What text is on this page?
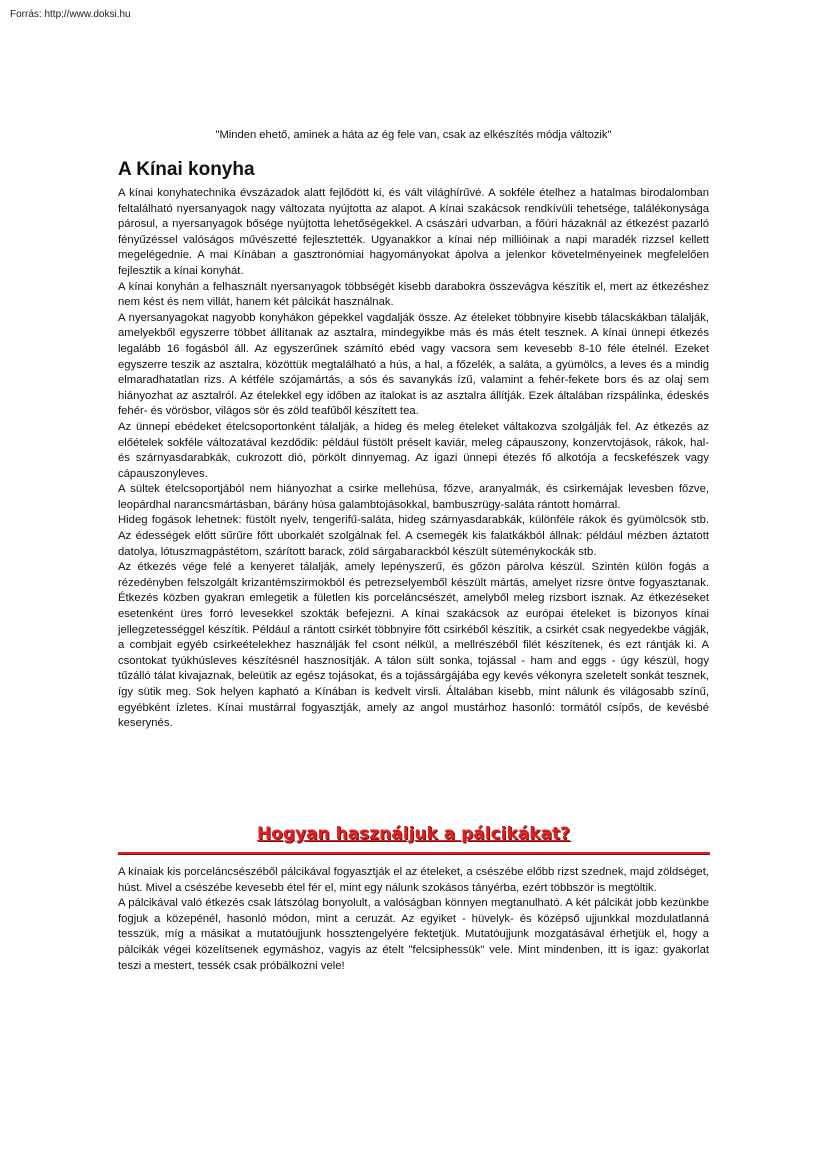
Forrás: http://www.doksi.hu
"Minden ehető, aminek a háta az ég fele van, csak az elkészítés módja változik"
A Kínai konyha

A kínai konyhatechnika évszázadok alatt fejlődött ki, és vált világhírűvé. A sokféle ételhez a hatalmas birodalomban feltalálható nyersanyagok nagy változata nyújtotta az alapot. A kínai szakácsok rendkívüli tehetsége, találékonysága párosul, a nyersanyagok bősége nyújtotta lehetőségekkel. A császári udvarban, a főúri házaknál az étkezést pazarló fényűzéssel valóságos művészetté fejlesztették. Ugyanakkor a kínai nép millióinak a napi maradék rizzsel kellett megelégednie. A mai Kínában a gasztronómiai hagyományokat ápolva a jelenkor követelményeinek megfelelően fejlesztik a kínai konyhát.

A kínai konyhán a felhasznált nyersanyagok többségét kisebb darabokra összevágva készítik el, mert az étkezéshez nem kést és nem villát, hanem két pálcikát használnak.

A nyersanyagokat nagyobb konyhákon gépekkel vagdalják össze. Az ételeket többnyire kisebb tálacskákban tálalják, amelyekből egyszerre többet állítanak az asztalra, mindegyikbe más és más ételt tesznek. A kínai ünnepi étkezés legalább 16 fogásból áll. Az egyszerűnek számító ebéd vagy vacsora sem kevesebb 8-10 féle ételnél. Ezeket egyszerre teszik az asztalra, közöttük megtalálható a hús, a hal, a főzelék, a saláta, a gyümölcs, a leves és a mindig elmaradhatatlan rizs. A kétféle szójamártás, a sós és savanykás ízű, valamint a fehér-fekete bors és az olaj sem hiányozhat az asztalról. Az ételekkel egy időben az italokat is az asztalra állítják. Ezek általában rizspálinka, édeskés fehér- és vörösbor, világos sör és zöld teafűből készített tea.

Az ünnepi ebédeket ételcsoportonként tálalják, a hideg és meleg ételeket váltakozva szolgálják fel. Az étkezés az előételek sokféle változatával kezdődik: például füstölt préselt kaviár, meleg cápauszony, konzervtojások, rákok, hal- és szárnyasdarabkák, cukrozott dió, pörkölt dinnyemag. Az igazi ünnepi étezés fő alkotója a fecskefészek vagy cápauszonyleves.

A sültek ételcsoportjából nem hiányozhat a csirke mellehúsa, főzve, aranyalmák, és csirkemájak levesben főzve, leopárdhal narancsmártásban, bárány húsa galambtojásokkal, bambuszrügy-saláta rántott homárral.

Hideg fogások lehetnek: füstölt nyelv, tengerifű-saláta, hideg szárnyasdarabkák, különféle rákok és gyümölcsök stb. Az édességek előtt sűrűre főtt uborkalét szolgálnak fel. A csemegék kis falatkákból állnak: például mézben áztatott datolya, lótuszmagpástétom, szárított barack, zöld sárgabarackból készült süteménykockák stb.

Az étkezés vége felé a kenyeret tálalják, amely lepényszerű, és gőzön párolva készül. Szintén külön fogás a rézedényben felszolgált krizantémszirmokból és petrezselyemből készült mártás, amelyet rizsre öntve fogyasztanak. Étkezés közben gyakran emlegetik a fületlen kis porceláncsészét, amelyből meleg rizsbort isznak. Az étkezéseket esetenként üres forró levesekkel szokták befejezni. A kínai szakácsok az európai ételeket is bizonyos kínai jellegzetességgel készítik. Például a rántott csirkét többnyire főtt csirkéből készítik, a csirkét csak negyedekbe vágják, a combjait egyéb csirkeételekhez használják fel csont nélkül, a mellrészéből filét készítenek, és ezt rántják ki. A csontokat tyúkhúsleves készítésnél hasznosítják. A tálon sült sonka, tojással - ham and eggs - úgy készül, hogy tűzálló tálat kivajaznak, beleütik az egész tojásokat, és a tojássárgájába egy kevés vékonyra szeletelt sonkát tesznek, így sütik meg. Sok helyen kapható a Kínában is kedvelt virsli. Általában kisebb, mint nálunk és világosabb színű, egyébként ízletes. Kínai mustárral fogyasztják, amely az angol mustárhoz hasonló: tormától csípős, de kevésbé keserynés.

Hogyan használjuk a pálcikákat?

A kínaiak kis porceláncsészéből pálcikával fogyasztják el az ételeket, a csészébe előbb rizst szednek, majd zöldséget, húst. Mivel a csészébe kevesebb étel fér el, mint egy nálunk szokásos tányérba, ezért többször is megtöltik.

A pálcikával való étkezés csak látszólag bonyolult, a valóságban könnyen megtanulható. A két pálcikát jobb kezünkbe fogjuk a közepénél, hasonló módon, mint a ceruzát. Az egyiket - hüvelyk- és középső ujjunkkal mozdulatlanná tesszük, míg a másikat a mutatóujjunk hossztengelyére fektetjük. Mutatóujjunk mozgatásával érhetjük el, hogy a pálcikák végei közelítsenek egymáshoz, vagyis az ételt "felcsiphessük" vele. Mint mindenben, itt is igaz: gyakorlat teszi a mestert, tessék csak próbálkozni vele!
